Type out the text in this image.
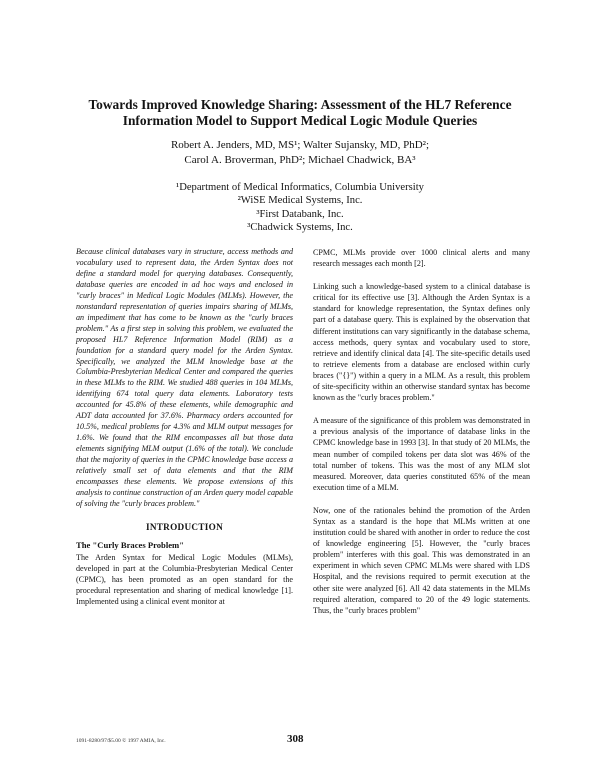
Towards Improved Knowledge Sharing: Assessment of the HL7 Reference Information Model to Support Medical Logic Module Queries
Robert A. Jenders, MD, MS¹; Walter Sujansky, MD, PhD²;
Carol A. Broverman, PhD²; Michael Chadwick, BA³
¹Department of Medical Informatics, Columbia University
²WiSE Medical Systems, Inc.
³First Databank, Inc.
³Chadwick Systems, Inc.

Because clinical databases vary in structure, access methods and vocabulary used to represent data, the Arden Syntax does not define a standard model for querying databases. Consequently, database queries are encoded in ad hoc ways and enclosed in "curly braces" in Medical Logic Modules (MLMs). However, the nonstandard representation of queries impairs sharing of MLMs, an impediment that has come to be known as the "curly braces problem." As a first step in solving this problem, we evaluated the proposed HL7 Reference Information Model (RIM) as a foundation for a standard query model for the Arden Syntax. Specifically, we analyzed the MLM knowledge base at the Columbia-Presbyterian Medical Center and compared the queries in these MLMs to the RIM. We studied 488 queries in 104 MLMs, identifying 674 total query data elements. Laboratory tests accounted for 45.8% of these elements, while demographic and ADT data accounted for 37.6%. Pharmacy orders accounted for 10.5%, medical problems for 4.3% and MLM output messages for 1.6%. We found that the RIM encompasses all but those data elements signifying MLM output (1.6% of the total). We conclude that the majority of queries in the CPMC knowledge base access a relatively small set of data elements and that the RIM encompasses these elements. We propose extensions of this analysis to continue construction of an Arden query model capable of solving the "curly braces problem."

INTRODUCTION
The "Curly Braces Problem"

The Arden Syntax for Medical Logic Modules (MLMs), developed in part at the Columbia-Presbyterian Medical Center (CPMC), has been promoted as an open standard for the procedural representation and sharing of medical knowledge [1]. Implemented using a clinical event monitor at

CPMC, MLMs provide over 1000 clinical alerts and many research messages each month [2].

Linking such a knowledge-based system to a clinical database is critical for its effective use [3]. Although the Arden Syntax is a standard for knowledge representation, the Syntax defines only part of a database query. This is explained by the observation that different institutions can vary significantly in the database schema, access methods, query syntax and vocabulary used to store, retrieve and identify clinical data [4]. The site-specific details used to retrieve elements from a database are enclosed within curly braces ("{}") within a query in a MLM. As a result, this problem of site-specificity within an otherwise standard syntax has become known as the "curly braces problem."

A measure of the significance of this problem was demonstrated in a previous analysis of the importance of database links in the CPMC knowledge base in 1993 [3]. In that study of 20 MLMs, the mean number of compiled tokens per data slot was 46% of the total number of tokens. This was the most of any MLM slot measured. Moreover, data queries constituted 65% of the mean execution time of a MLM.

Now, one of the rationales behind the promotion of the Arden Syntax as a standard is the hope that MLMs written at one institution could be shared with another in order to reduce the cost of knowledge engineering [5]. However, the "curly braces problem" interferes with this goal. This was demonstrated in an experiment in which seven CPMC MLMs were shared with LDS Hospital, and the revisions required to permit execution at the other site were analyzed [6]. All 42 data statements in the MLMs required alteration, compared to 20 of the 49 logic statements. Thus, the "curly braces problem"

1091-8280/97/$5.00 © 1997 AMIA, Inc.	308
